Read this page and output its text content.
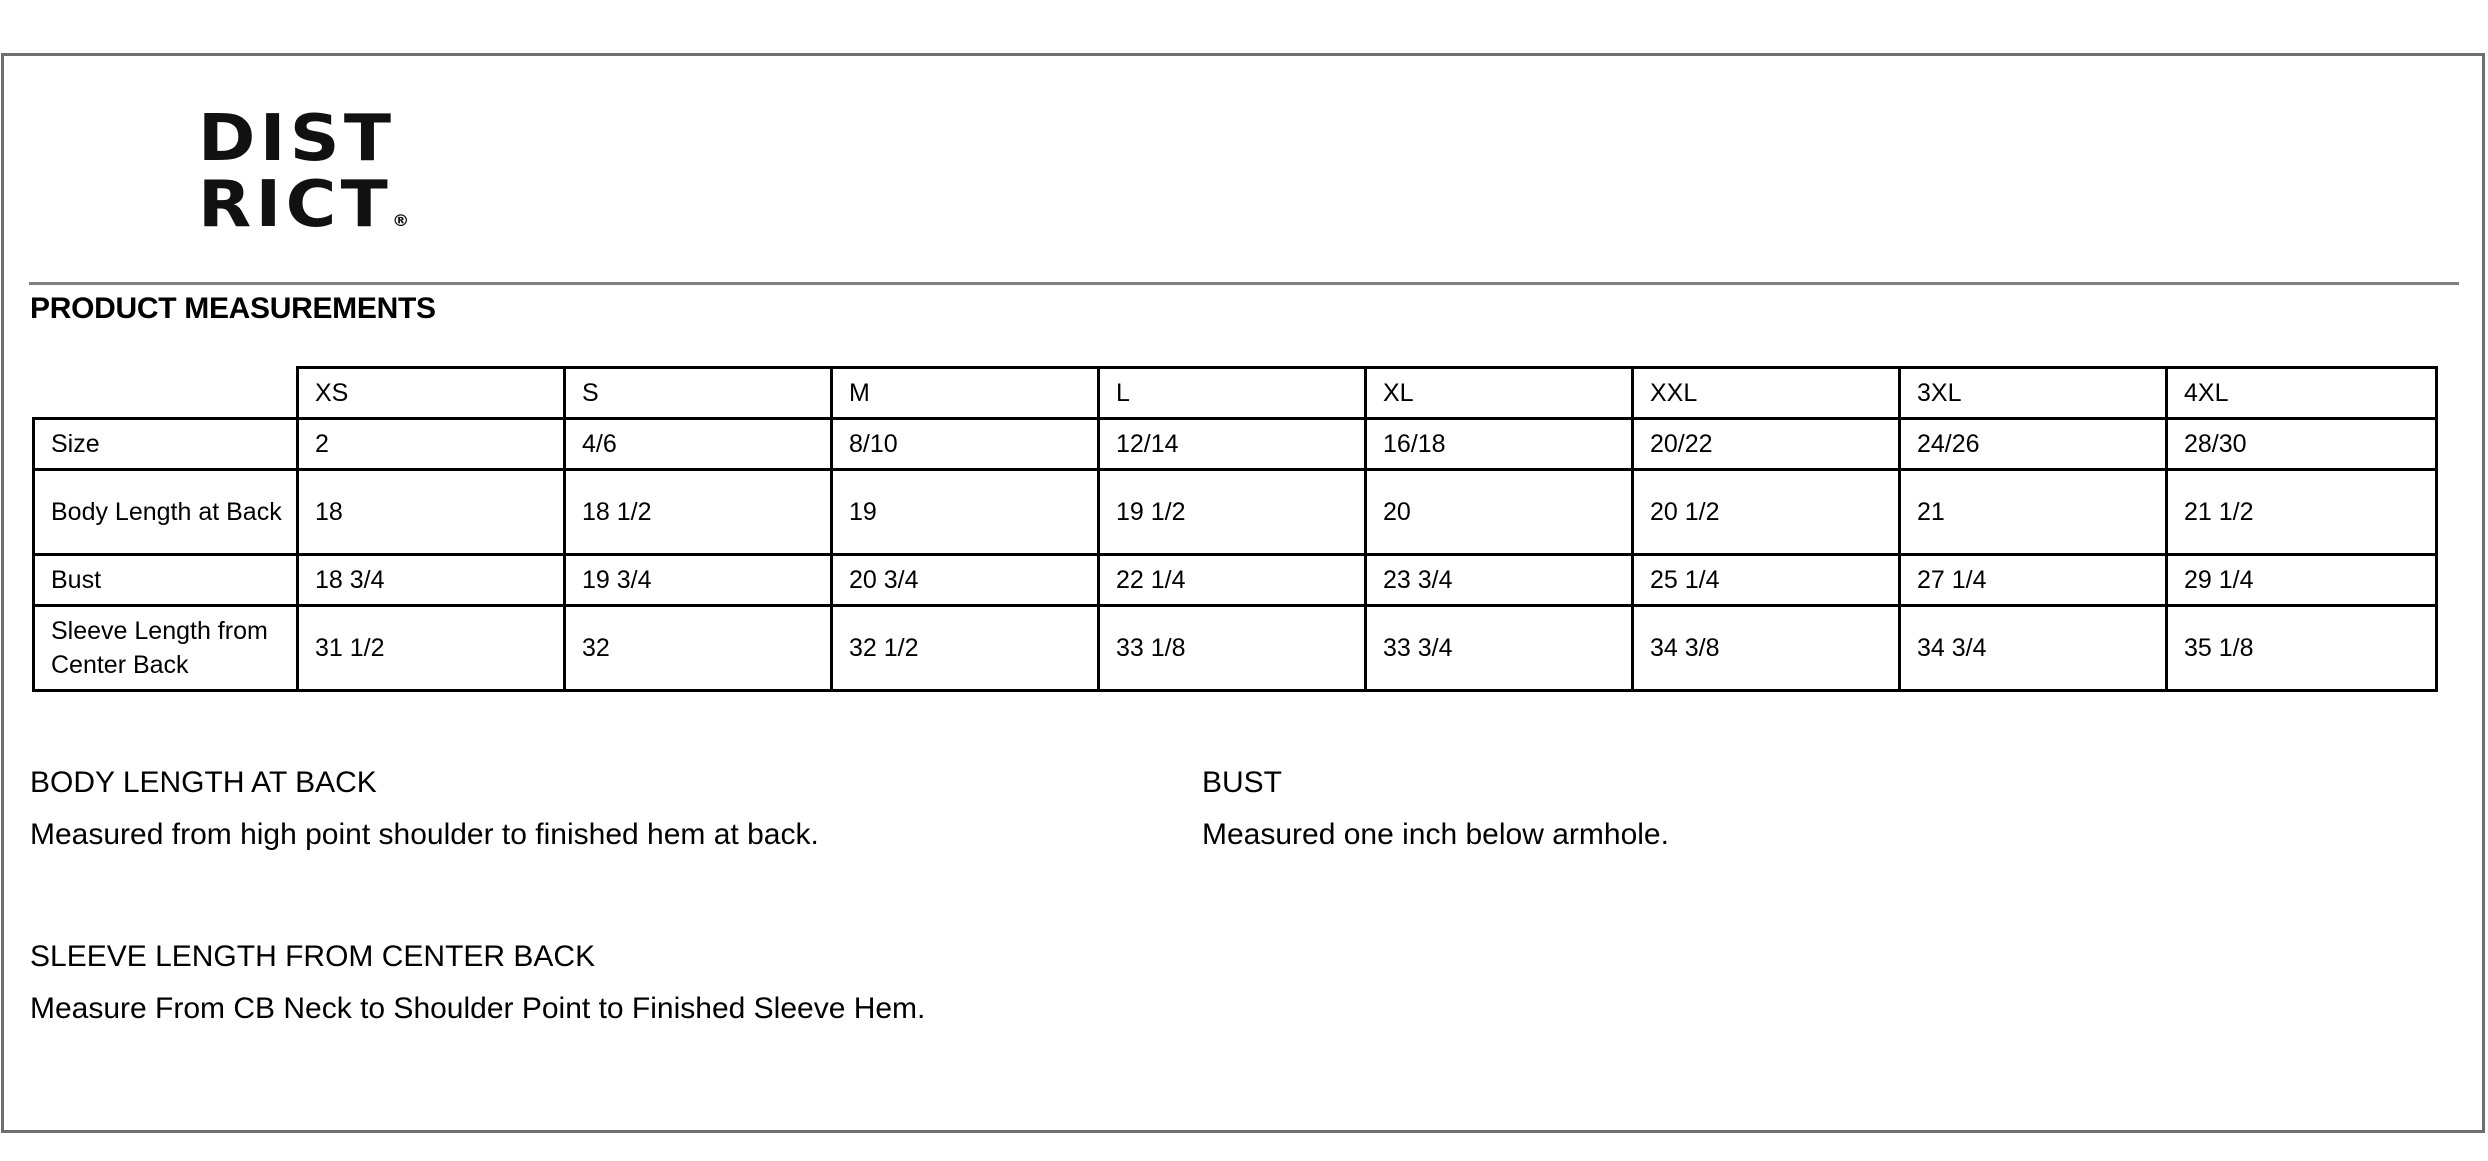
DIST
RICT®
PRODUCT MEASUREMENTS
	XS	S	M	L	XL	XXL	3XL	4XL
Size	2	4/6	8/10	12/14	16/18	20/22	24/26	28/30
Body Length at Back	18	18 1/2	19	19 1/2	20	20 1/2	21	21 1/2
Bust	18 3/4	19 3/4	20 3/4	22 1/4	23 3/4	25 1/4	27 1/4	29 1/4
Sleeve Length from Center Back	31 1/2	32	32 1/2	33 1/8	33 3/4	34 3/8	34 3/4	35 1/8

BODY LENGTH AT BACK

Measured from high point shoulder to finished hem at back.

BUST

Measured one inch below armhole.

SLEEVE LENGTH FROM CENTER BACK

Measure From CB Neck to Shoulder Point to Finished Sleeve Hem.
